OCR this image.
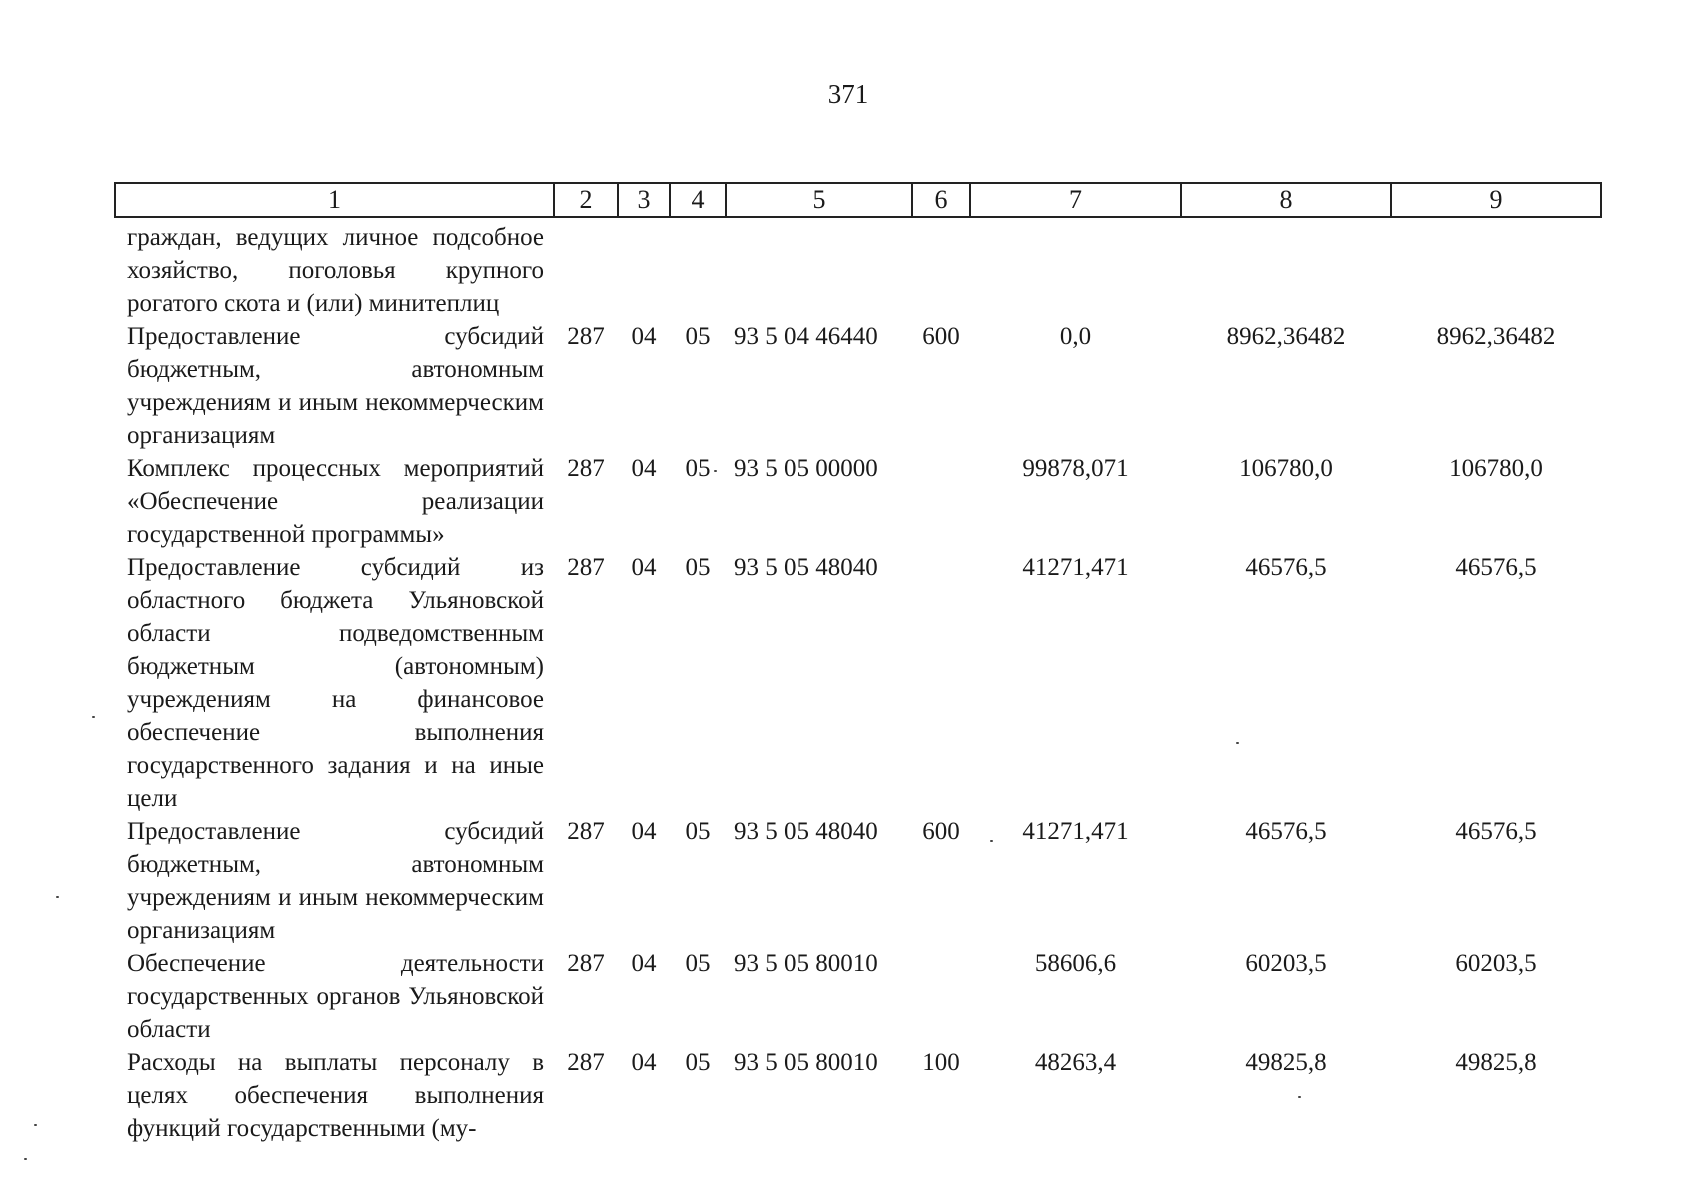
371
1	2	3	4	5	6	7	8	9
граждан, ведущих личное подсобное хозяйство, поголовья крупного рогатого скота и (или) минитеплиц								
Предоставление субсидий бюджетным, автономным учреждениям и иным некоммерческим организациям	287	04	05	93 5 04 46440	600	0,0	8962,36482	8962,36482
Комплекс процессных мероприятий «Обеспечение реализации государственной программы»	287	04	05	93 5 05 00000		99878,071	106780,0	106780,0
Предоставление субсидий из областного бюджета Ульяновской области подведомственным бюджетным (автономным) учреждениям на финансовое обеспечение выполнения государственного задания и на иные цели	287	04	05	93 5 05 48040		41271,471	46576,5	46576,5
Предоставление субсидий бюджетным, автономным учреждениям и иным некоммерческим организациям	287	04	05	93 5 05 48040	600	41271,471	46576,5	46576,5
Обеспечение деятельности государственных органов Ульяновской области	287	04	05	93 5 05 80010		58606,6	60203,5	60203,5
Расходы на выплаты персоналу в целях обеспечения выполнения функций государственными (му-	287	04	05	93 5 05 80010	100	48263,4	49825,8	49825,8
